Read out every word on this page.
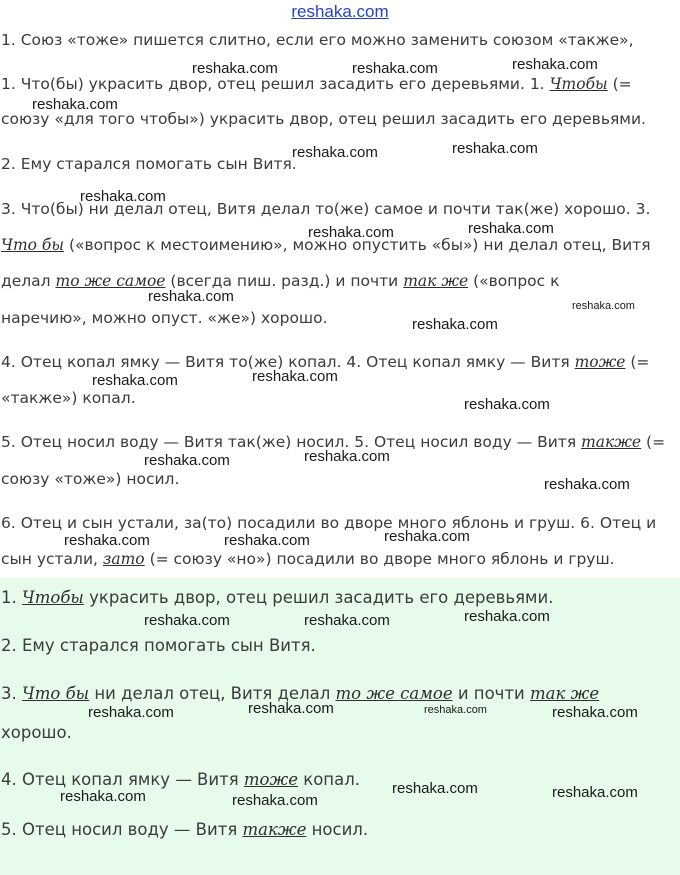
reshaka.com
1. Союз «тоже» пишется слитно, если его можно заменить союзом «также»,
1. Что(бы) украсить двор, отец решил засадить его деревьями. 1. Чтобы (=
союзу «для того чтобы») украсить двор, отец решил засадить его деревьями.
2. Ему старался помогать сын Витя.
3. Что(бы) ни делал отец, Витя делал то(же) самое и почти так(же) хорошо. 3.
Что бы («вопрос к местоимению», можно опустить «бы») ни делал отец, Витя
делал то же самое (всегда пиш. разд.) и почти так же («вопрос к
наречию», можно опуст. «же») хорошо.
4. Отец копал ямку — Витя то(же) копал. 4. Отец копал ямку — Витя тоже (=
«также») копал.
5. Отец носил воду — Витя так(же) носил. 5. Отец носил воду — Витя также (=
союзу «тоже») носил.
6. Отец и сын устали, за(то) посадили во дворе много яблонь и груш. 6. Отец и
сын устали, зато (= союзу «но») посадили во дворе много яблонь и груш.
1. Чтобы украсить двор, отец решил засадить его деревьями.
2. Ему старался помогать сын Витя.
3. Что бы ни делал отец, Витя делал то же самое и почти так же
хорошо.
4. Отец копал ямку — Витя тоже копал.
5. Отец носил воду — Витя также носил.
reshaka.com	reshaka.com	reshaka.com
reshaka.com
reshaka.com	reshaka.com
reshaka.com
reshaka.com	reshaka.com
reshaka.com
reshaka.com
reshaka.com
reshaka.com
reshaka.com
reshaka.com
reshaka.com	reshaka.com
reshaka.com
reshaka.com	reshaka.com	reshaka.com
reshaka.com	reshaka.com	reshaka.com
reshaka.com	reshaka.com	reshaka.com	reshaka.com
reshaka.com	reshaka.com
reshaka.com	reshaka.com
